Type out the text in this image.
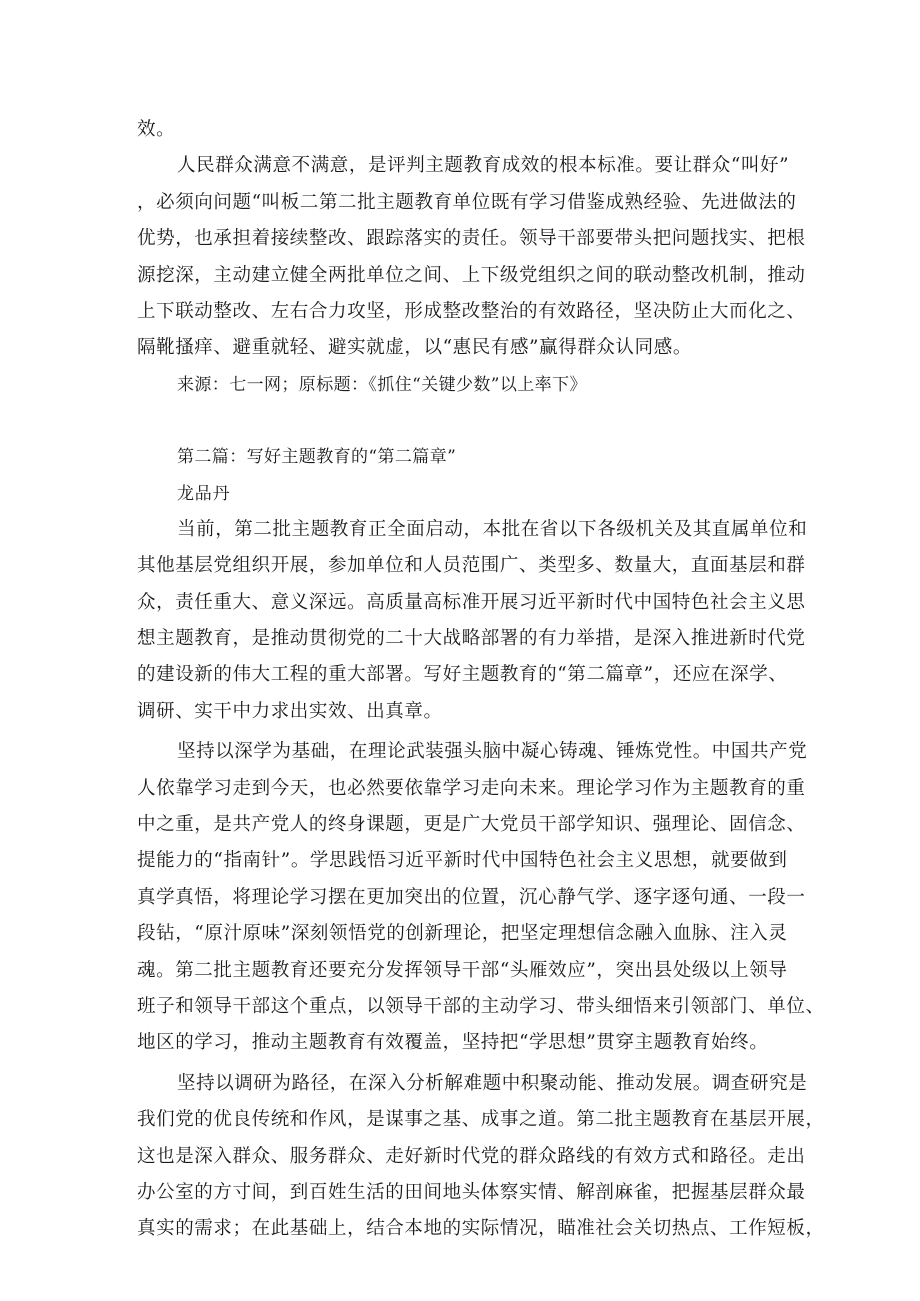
效。
人民群众满意不满意，是评判主题教育成效的根本标准。要让群众“叫好”
，必须向问题“叫板二第二批主题教育单位既有学习借鉴成熟经验、先进做法的
优势，也承担着接续整改、跟踪落实的责任。领导干部要带头把问题找实、把根
源挖深，主动建立健全两批单位之间、上下级党组织之间的联动整改机制，推动
上下联动整改、左右合力攻坚，形成整改整治的有效路径，坚决防止大而化之、
隔靴搔痒、避重就轻、避实就虚，以“惠民有感”赢得群众认同感。
来源：七一网；原标题：《抓住“关键少数”以上率下》
第二篇：写好主题教育的“第二篇章”
龙品丹
当前，第二批主题教育正全面启动，本批在省以下各级机关及其直属单位和
其他基层党组织开展，参加单位和人员范围广、类型多、数量大，直面基层和群
众，责任重大、意义深远。高质量高标准开展习近平新时代中国特色社会主义思
想主题教育，是推动贯彻党的二十大战略部署的有力举措，是深入推进新时代党
的建设新的伟大工程的重大部署。写好主题教育的“第二篇章”，还应在深学、
调研、实干中力求出实效、出真章。
坚持以深学为基础，在理论武装强头脑中凝心铸魂、锤炼党性。中国共产党
人依靠学习走到今天，也必然要依靠学习走向未来。理论学习作为主题教育的重
中之重，是共产党人的终身课题，更是广大党员干部学知识、强理论、固信念、
提能力的“指南针”。学思践悟习近平新时代中国特色社会主义思想，就要做到
真学真悟，将理论学习摆在更加突出的位置，沉心静气学、逐字逐句通、一段一
段钻，“原汁原味”深刻领悟党的创新理论，把坚定理想信念融入血脉、注入灵
魂。第二批主题教育还要充分发挥领导干部“头雁效应”，突出县处级以上领导
班子和领导干部这个重点，以领导干部的主动学习、带头细悟来引领部门、单位、
地区的学习，推动主题教育有效覆盖，坚持把“学思想”贯穿主题教育始终。
坚持以调研为路径，在深入分析解难题中积聚动能、推动发展。调查研究是
我们党的优良传统和作风，是谋事之基、成事之道。第二批主题教育在基层开展，
这也是深入群众、服务群众、走好新时代党的群众路线的有效方式和路径。走出
办公室的方寸间，到百姓生活的田间地头体察实情、解剖麻雀，把握基层群众最
真实的需求；在此基础上，结合本地的实际情况，瞄准社会关切热点、工作短板，
